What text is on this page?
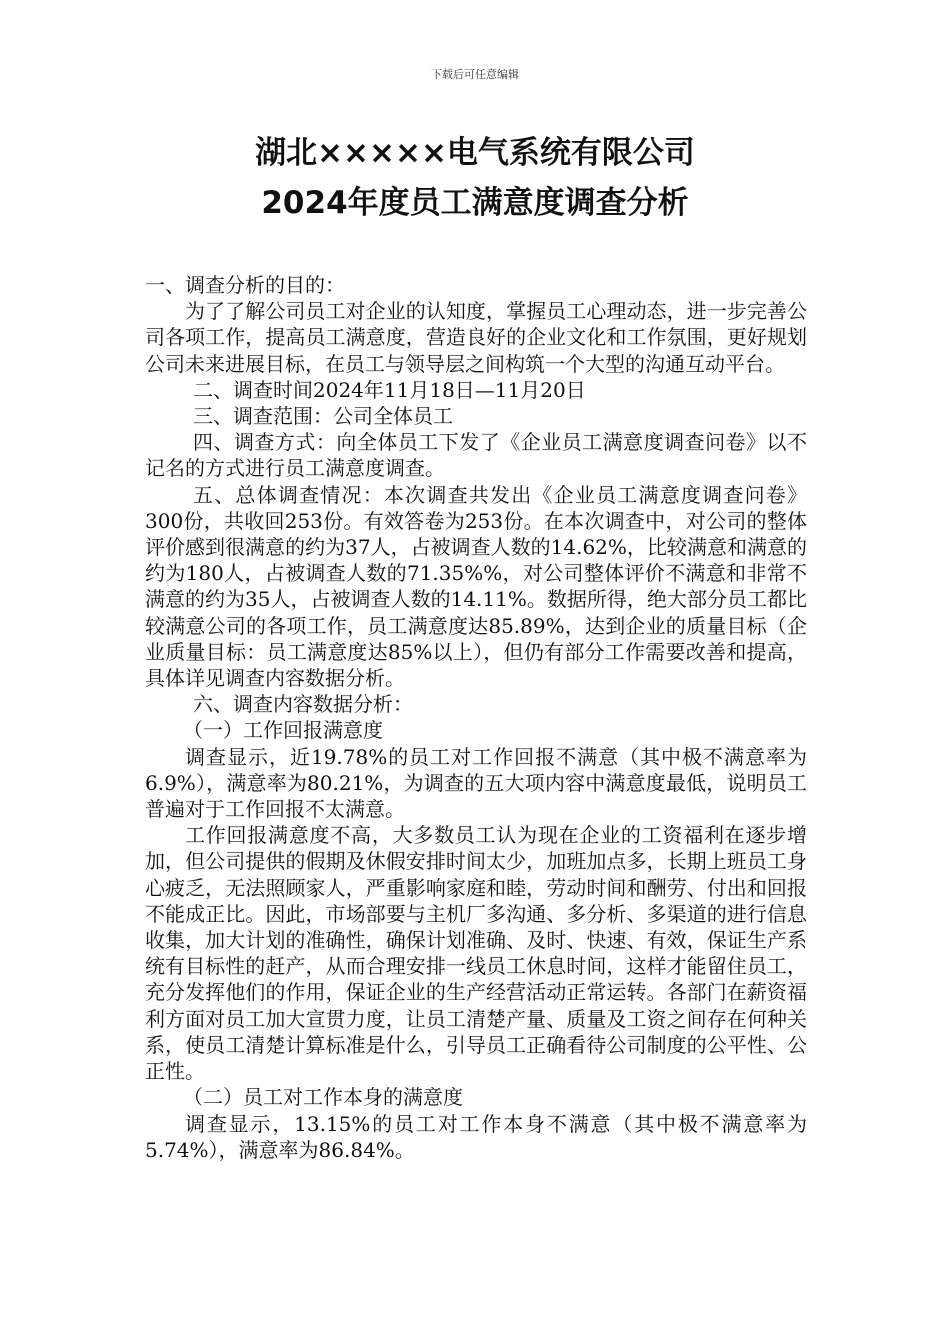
下载后可任意编辑

湖北×××××电气系统有限公司

2024年度员工满意度调查分析

一、调查分析的目的：

为了了解公司员工对企业的认知度，掌握员工心理动态，进一步完善公司各项工作，提高员工满意度，营造良好的企业文化和工作氛围，更好规划公司未来进展目标，在员工与领导层之间构筑一个大型的沟通互动平台。

二、调查时间2024年11月18日—11月20日

三、调查范围：公司全体员工

四、调查方式：向全体员工下发了《企业员工满意度调查问卷》以不记名的方式进行员工满意度调查。

五、总体调查情况：本次调查共发出《企业员工满意度调查问卷》300份，共收回253份。有效答卷为253份。在本次调查中，对公司的整体评价感到很满意的约为37人，占被调查人数的14.62%，比较满意和满意的约为180人，占被调查人数的71.35%%，对公司整体评价不满意和非常不满意的约为35人，占被调查人数的14.11%。数据所得，绝大部分员工都比较满意公司的各项工作，员工满意度达85.89%，达到企业的质量目标（企业质量目标：员工满意度达85%以上），但仍有部分工作需要改善和提高，具体详见调查内容数据分析。

六、调查内容数据分析：

（一）工作回报满意度

调查显示，近19.78%的员工对工作回报不满意（其中极不满意率为6.9%），满意率为80.21%，为调查的五大项内容中满意度最低，说明员工普遍对于工作回报不太满意。

工作回报满意度不高，大多数员工认为现在企业的工资福利在逐步增加，但公司提供的假期及休假安排时间太少，加班加点多，长期上班员工身心疲乏，无法照顾家人，严重影响家庭和睦，劳动时间和酬劳、付出和回报不能成正比。因此，市场部要与主机厂多沟通、多分析、多渠道的进行信息收集，加大计划的准确性，确保计划准确、及时、快速、有效，保证生产系统有目标性的赶产，从而合理安排一线员工休息时间，这样才能留住员工，充分发挥他们的作用，保证企业的生产经营活动正常运转。各部门在薪资福利方面对员工加大宣贯力度，让员工清楚产量、质量及工资之间存在何种关系，使员工清楚计算标准是什么，引导员工正确看待公司制度的公平性、公正性。

（二）员工对工作本身的满意度

调查显示，13.15%的员工对工作本身不满意（其中极不满意率为5.74%），满意率为86.84%。
